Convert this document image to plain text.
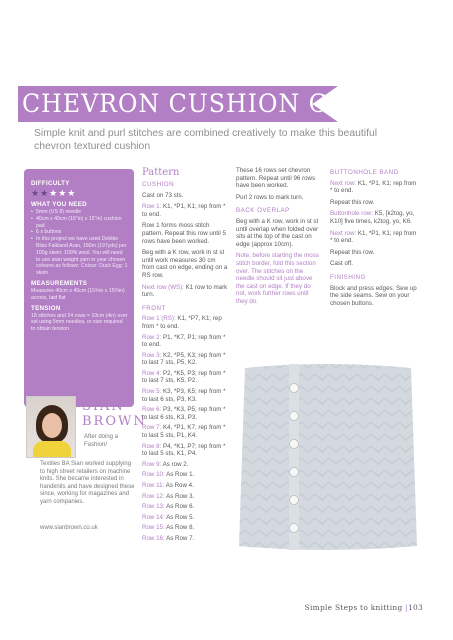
CHEVRON CUSHION COVER
Simple knit and purl stitches are combined creatively to make this beautiful chevron textured cushion
DIFFICULTY
★★★★★
WHAT YOU NEED
• 5mm (US 8) needle
• 40cm x 40cm (15"in) x 15"in) cushion pad
• 6 x buttons
• In this project we have used Debbie Bliss Falkland Aran, 180m (197yds) per 100g skein; 100% wool. You will need to use aran weight yarn in your chosen colourw as follows: Colour: Duck Egg: 1 skein
MEASUREMENTS
Measures 40cm x 40cm (15¾in x 15¾in) across, laid flat
TENSION
18 stitches and 24 rows = 10cm (4in) over sst using 5mm needles, or size required to obtain tension
SIAN
BROWN
After doing a Fashion/
Textiles BA Sian worked supplying to high street retailers on machine knits. She became interested in handknits and have designed these since, working for magazines and yarn companies.
www.sianbrown.co.uk
Pattern
CUSHION

Cast on 73 sts.

Row 1: K1, *P1, K1; rep from * to end.

Row 1 forms moss stitch pattern. Repeat this row until 5 rows have been worked.

Beg with a K row, work in st st until work measures 30 cm from cast on edge, ending on a RS row.

Next row (WS): K1 row to mark turn.

FRONT

Row 1 (RS): K1, *P7, K1; rep from * to end.

Row 2: P1, *K7, P1; rep from * to end.

Row 3: K2, *P5, K3; rep from * to last 7 sts, P5, K2.

Row 4: P2, *K5, P3; rep from * to last 7 sts, K5, P2.

Row 5: K3, *P3, K5; rep from * to last 6 sts, P3, K3.

Row 6: P3, *K3, P5; rep from * to last 6 sts, K3, P3.

Row 7: K4, *P1, K7; rep from * to last 5 sts, P1, K4.

Row 8: P4, *K1, P7; rep from * to last 5 sts, K1, P4.

Row 9: As row 2.

Row 10: As Row 1.

Row 11: As Row 4.

Row 12: As Row 3.

Row 13: As Row 6.

Row 14: As Row 5.

Row 15: As Row 8.

Row 16: As Row 7.

These 16 rows set chevron pattern. Repeat until 96 rows have been worked.

Purl 2 rows to mark turn.

BACK OVERLAP

Beg with a K row, work in st st until overlap when folded over sits at the top of the cast on edge (approx 10cm).

Note, before starting the moss stitch border, fold this section over. The stitches on the needle should sit just above the cast on edge. If they do not, work further rows until they do.

BUTTONHOLE BAND

Next row: K1, *P1, K1; rep from * to end.

Repeat this row.

Buttonhole row: K5, [k2tog, yo, K10] five times, k2tog, yo, K6.

Next row: K1, *P1, K1; rep from * to end.

Repeat this row.

Cast off.

FINISHING

Block and press edges. Sew up the side seams. Sew on your chosen buttons.

Simple Steps to knitting |103
